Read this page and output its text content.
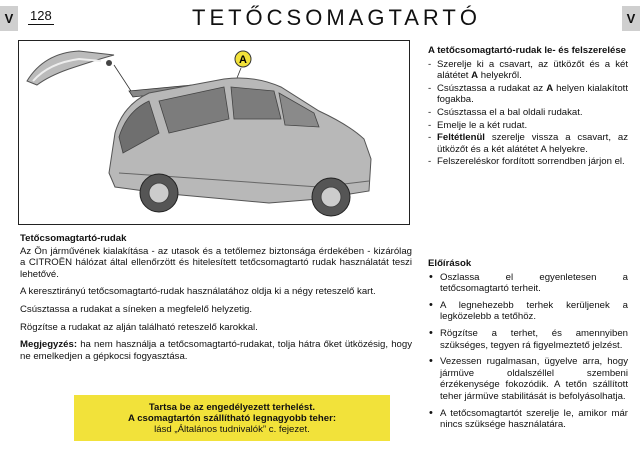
V	V
128	TETŐCSOMAGTARTÓ
A
A tetőcsomagtartó-rudak le- és felszerelése
- Szerelje ki a csavart, az ütközőt és a két alátétet A helyekről.
- Csúsztassa a rudakat az A helyen kialakított fogakba.
- Csúsztassa el a bal oldali rudakat.
- Emelje le a két rudat.
- Feltétlenül szerelje vissza a csavart, az ütközőt és a két alátétet A helyekre.
- Felszereléskor fordított sorrendben járjon el.
Tetőcsomagtartó-rudak

Az Ön járművének kialakítása - az utasok és a tetőlemez biztonsága érdekében - kizárólag a CITROËN hálózat által ellenőrzött és hitelesített tetőcsomagtartó rudak használatát teszi lehetővé.

A keresztirányú tetőcsomagtartó-rudak használatához oldja ki a négy reteszelő kart.

Csúsztassa a rudakat a síneken a megfelelő helyzetig.

Rögzítse a rudakat az alján található reteszelő karokkal.

Megjegyzés: ha nem használja a tetőcsomagtartó-rudakat, tolja hátra őket ütközésig, hogy ne emelkedjen a gépkocsi fogyasztása.

Tartsa be az engedélyezett terhelést.
A csomagtartón szállítható legnagyobb teher:
lásd „Általános tudnivalók” c. fejezet.
Előírások
• Oszlassa el egyenletesen a tetőcsomagtartó terheit.
• A legnehezebb terhek kerüljenek a legközelebb a tetőhöz.
• Rögzítse a terhet, és amennyiben szükséges, tegyen rá figyelmeztető jelzést.
• Vezessen rugalmasan, ügyelve arra, hogy jármüve oldalszéllel szembeni érzékenysége fokozódik. A tetőn szállított teher jármüve stabilitását is befolyásolhatja.
• A tetőcsomagtartót szerelje le, amikor már nincs szüksége használatára.
